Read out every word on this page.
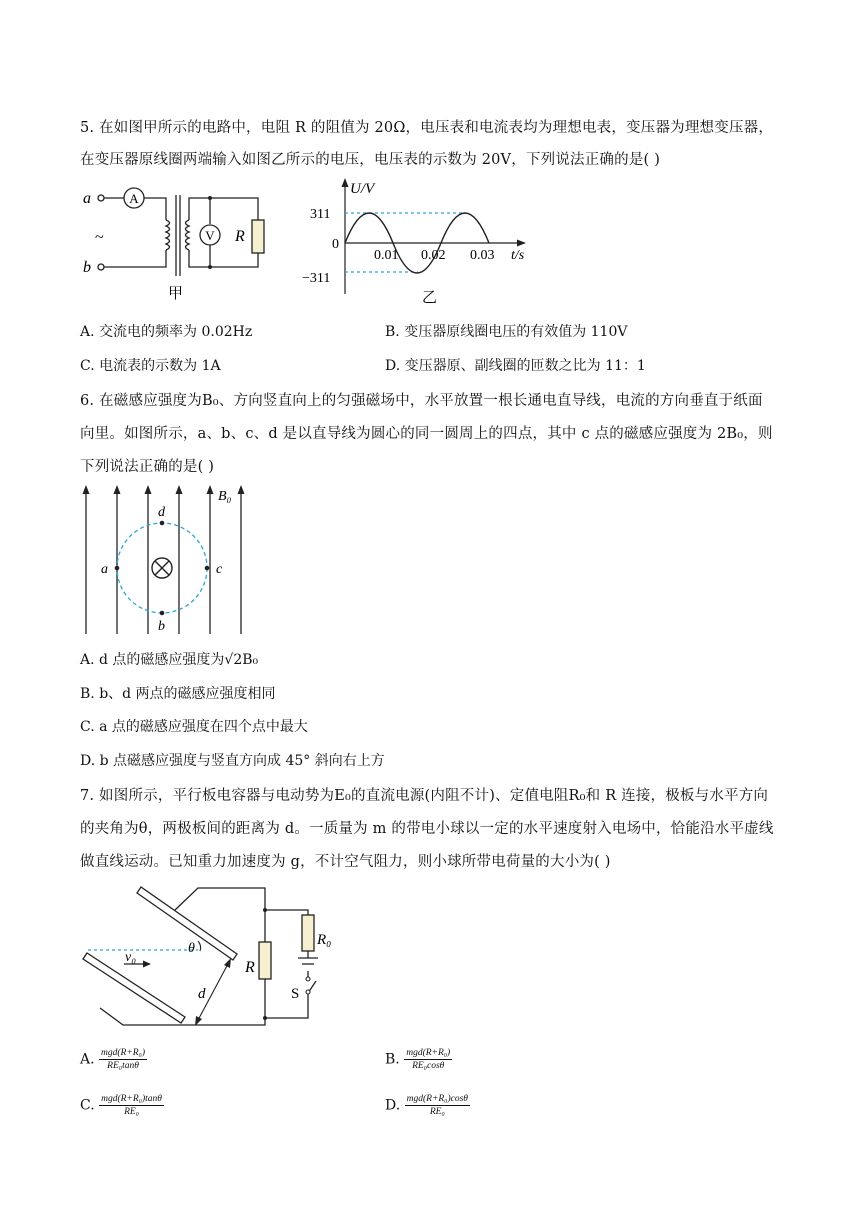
5. 在如图甲所示的电路中，电阻 R 的阻值为 20Ω，电压表和电流表均为理想电表，变压器为理想变压器，
在变压器原线圈两端输入如图乙所示的电压，电压表的示数为 20V，下列说法正确的是( )
a
b
~
A
V R
甲
U/V
311
0
−311
0.01 0.02 0.03 t/s
乙
A. 交流电的频率为 0.02Hz	B. 变压器原线圈电压的有效值为 110V
C. 电流表的示数为 1A	D. 变压器原、副线圈的匝数之比为 11：1
6. 在磁感应强度为B₀、方向竖直向上的匀强磁场中，水平放置一根长通电直导线，电流的方向垂直于纸面
向里。如图所示，a、b、c、d 是以直导线为圆心的同一圆周上的四点，其中 c 点的磁感应强度为 2B₀，则
下列说法正确的是( )
B₀
a
b
c
d
A. d 点的磁感应强度为√2B₀
B. b、d 两点的磁感应强度相同
C. a 点的磁感应强度在四个点中最大
D. b 点磁感应强度与竖直方向成 45° 斜向右上方
7. 如图所示，平行板电容器与电动势为E₀的直流电源(内阻不计)、定值电阻R₀和 R 连接，极板与水平方向
的夹角为θ，两极板间的距离为 d。一质量为 m 的带电小球以一定的水平速度射入电场中，恰能沿水平虚线
做直线运动。已知重力加速度为 g，不计空气阻力，则小球所带电荷量的大小为( )
θ
v₀
d
R
R₀
S
A. $\frac{\text{mgd(R+R₀)}}{\text{RE₀tanθ}}$	B. $\frac{\text{mgd(R+R₀)}}{\text{RE₀cosθ}}$
C. $\frac{\text{mgd(R+R₀)tanθ}}{\text{RE₀}}$	D. $\frac{\text{mgd(R+R₀)cosθ}}{\text{RE₀}}$
